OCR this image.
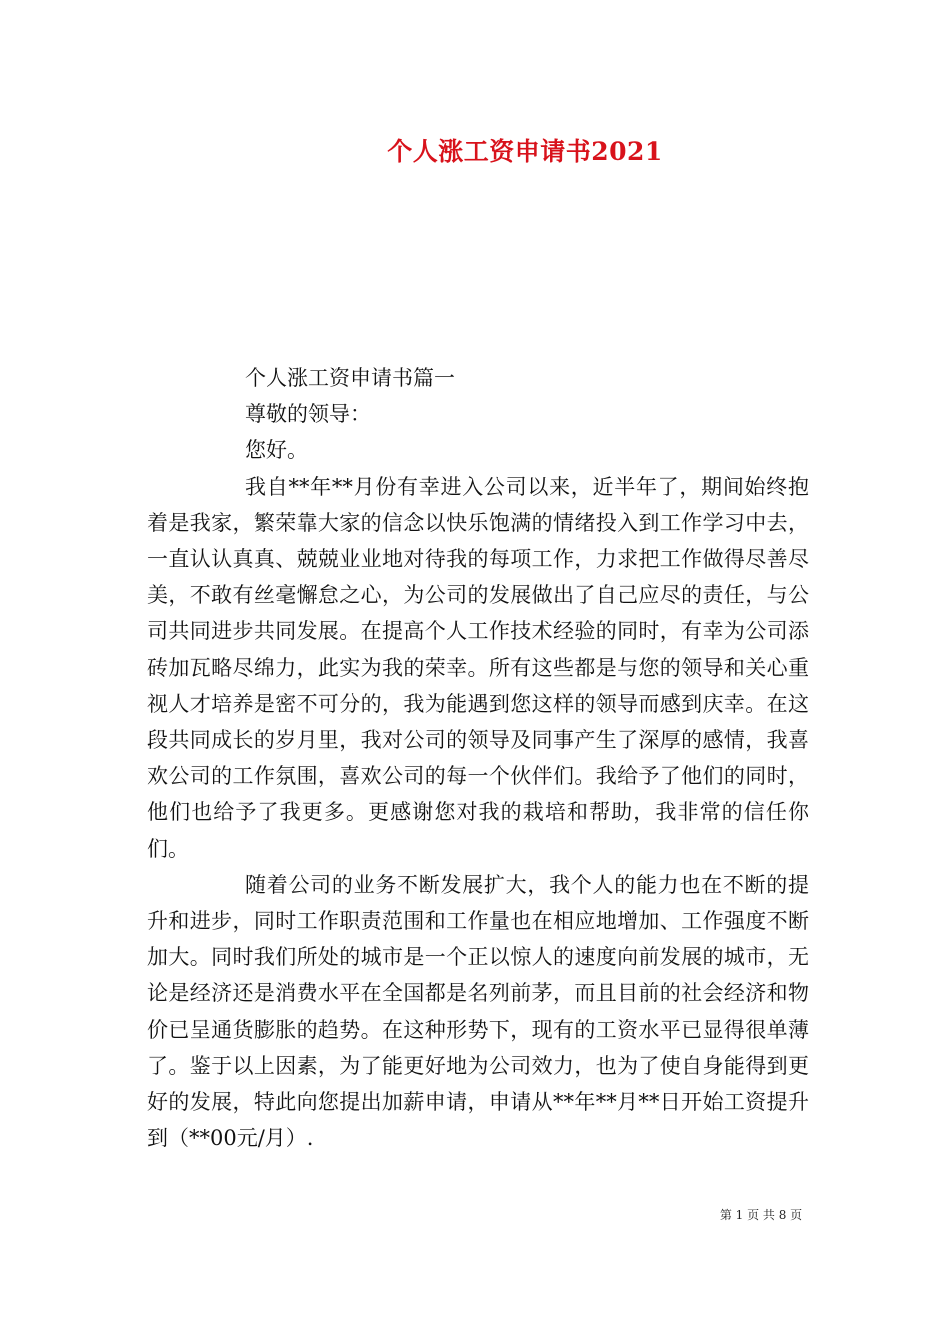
个人涨工资申请书2021

个人涨工资申请书篇一

尊敬的领导：

您好。

我自**年**月份有幸进入公司以来，近半年了，期间始终抱着是我家，繁荣靠大家的信念以快乐饱满的情绪投入到工作学习中去，一直认认真真、兢兢业业地对待我的每项工作，力求把工作做得尽善尽美，不敢有丝毫懈怠之心，为公司的发展做出了自己应尽的责任，与公司共同进步共同发展。在提高个人工作技术经验的同时，有幸为公司添砖加瓦略尽绵力，此实为我的荣幸。所有这些都是与您的领导和关心重视人才培养是密不可分的，我为能遇到您这样的领导而感到庆幸。在这段共同成长的岁月里，我对公司的领导及同事产生了深厚的感情，我喜欢公司的工作氛围，喜欢公司的每一个伙伴们。我给予了他们的同时，他们也给予了我更多。更感谢您对我的栽培和帮助，我非常的信任你们。

随着公司的业务不断发展扩大，我个人的能力也在不断的提升和进步，同时工作职责范围和工作量也在相应地增加、工作强度不断加大。同时我们所处的城市是一个正以惊人的速度向前发展的城市，无论是经济还是消费水平在全国都是名列前茅，而且目前的社会经济和物价已呈通货膨胀的趋势。在这种形势下，现有的工资水平已显得很单薄了。鉴于以上因素，为了能更好地为公司效力，也为了使自身能得到更好的发展，特此向您提出加薪申请，申请从**年**月**日开始工资提升到（**00元/月）.

第 1 页 共 8 页
